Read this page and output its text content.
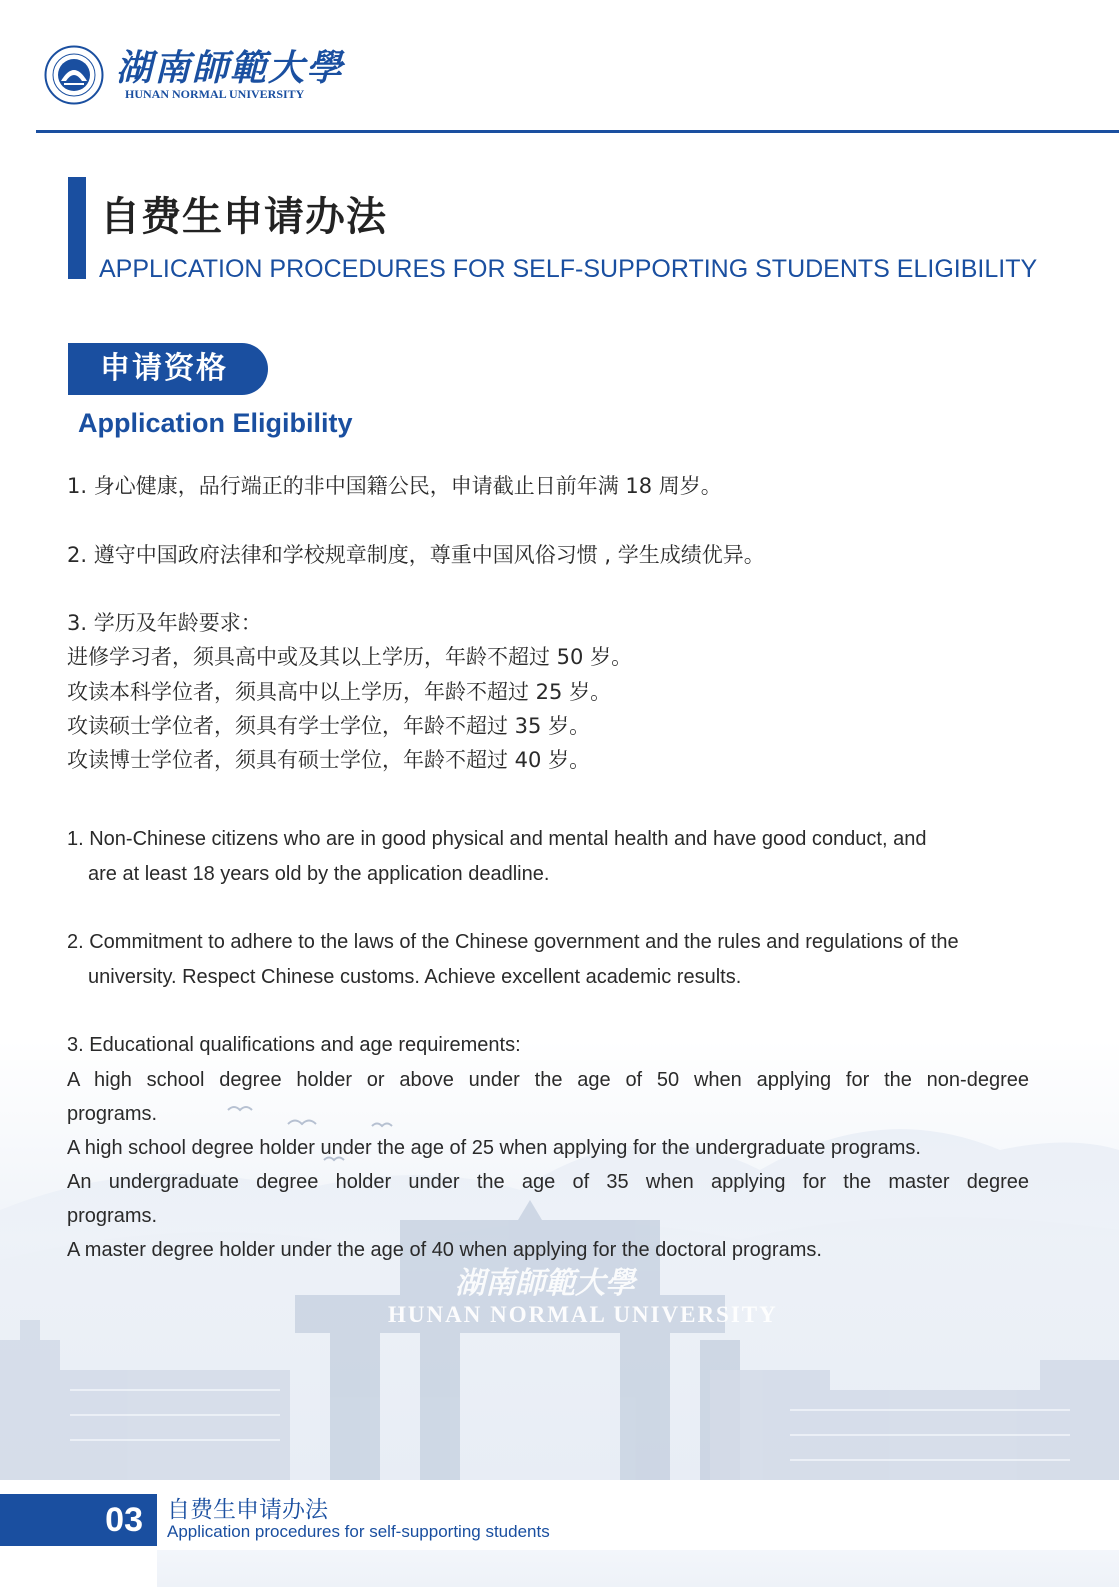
湖南師範大學
HUNAN NORMAL UNIVERSITY
自费生申请办法
APPLICATION PROCEDURES FOR SELF-SUPPORTING STUDENTS ELIGIBILITY
申请资格
Application Eligibility
1. 身心健康，品行端正的非中国籍公民，申请截止日前年满 18 周岁。
2. 遵守中国政府法律和学校规章制度，尊重中国风俗习惯 , 学生成绩优异。
3. 学历及年龄要求：
进修学习者，须具高中或及其以上学历，年龄不超过 50 岁。
攻读本科学位者，须具高中以上学历，年龄不超过 25 岁。
攻读硕士学位者，须具有学士学位，年龄不超过 35 岁。
攻读博士学位者，须具有硕士学位，年龄不超过 40 岁。
湖南師範大學
HUNAN NORMAL UNIVERSITY
1. Non-Chinese citizens who are in good physical and mental health and have good conduct, and
are at least 18 years old by the application deadline.
2. Commitment to adhere to the laws of the Chinese government and the rules and regulations of the
university. Respect Chinese customs. Achieve excellent academic results.
3. Educational qualifications and age requirements:
A high school degree holder or above under the age of 50 when applying for the non-degree
programs.
A high school degree holder under the age of 25 when applying for the undergraduate programs.
An undergraduate degree holder under the age of 35 when applying for the master degree
programs.
A master degree holder under the age of 40 when applying for the doctoral programs.
03	自费生申请办法
Application procedures for self-supporting students
